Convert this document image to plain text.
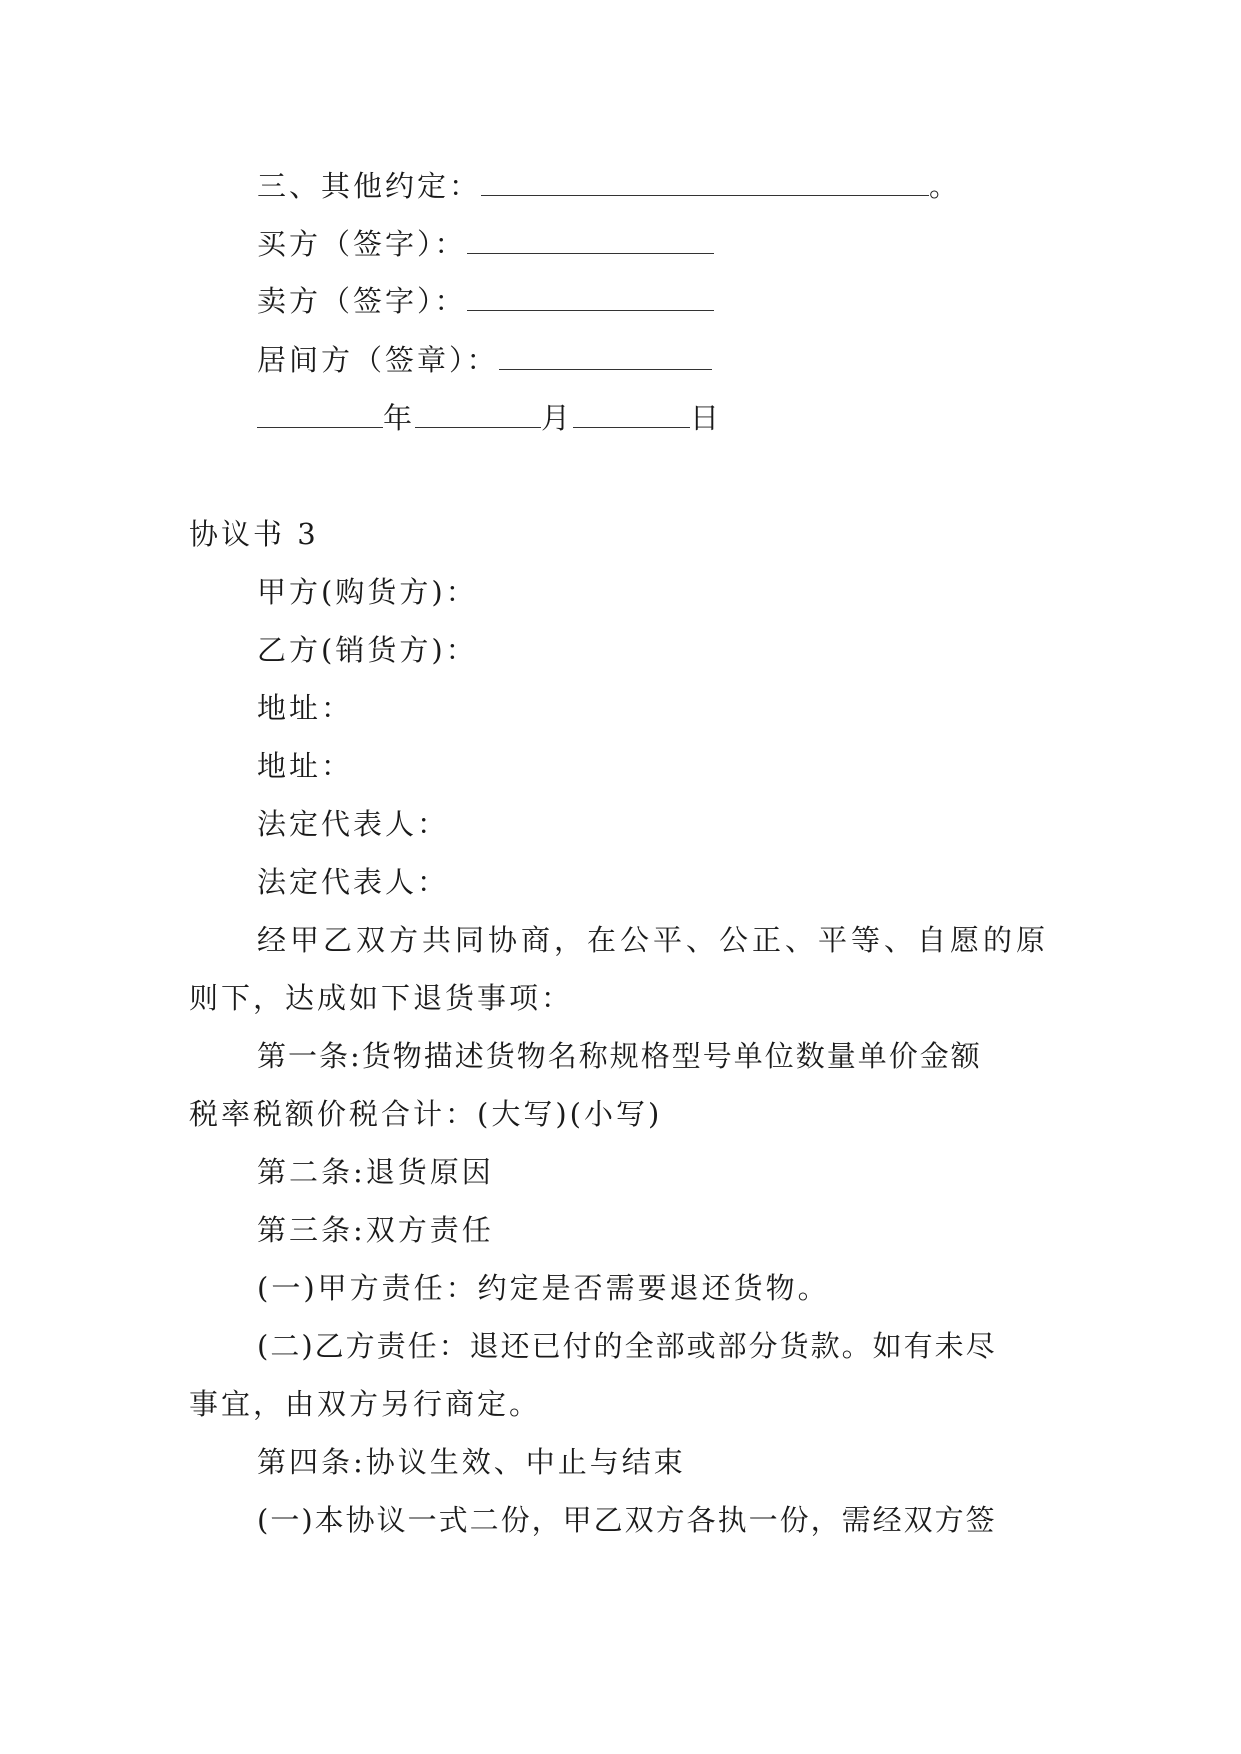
三、其他约定：	。
买方（签字）：
卖方（签字）：
居间方（签章）：
年	月	日
协议书 3
甲方(购货方)：
乙方(销货方)：
地址：
地址：
法定代表人：
法定代表人：
经甲乙双方共同协商，在公平、公正、平等、自愿的原
则下，达成如下退货事项：
第一条:货物描述货物名称规格型号单位数量单价金额
税率税额价税合计：(大写)(小写)
第二条:退货原因
第三条:双方责任
(一)甲方责任：约定是否需要退还货物。
(二)乙方责任：退还已付的全部或部分货款。如有未尽
事宜，由双方另行商定。
第四条:协议生效、中止与结束
(一)本协议一式二份，甲乙双方各执一份，需经双方签
